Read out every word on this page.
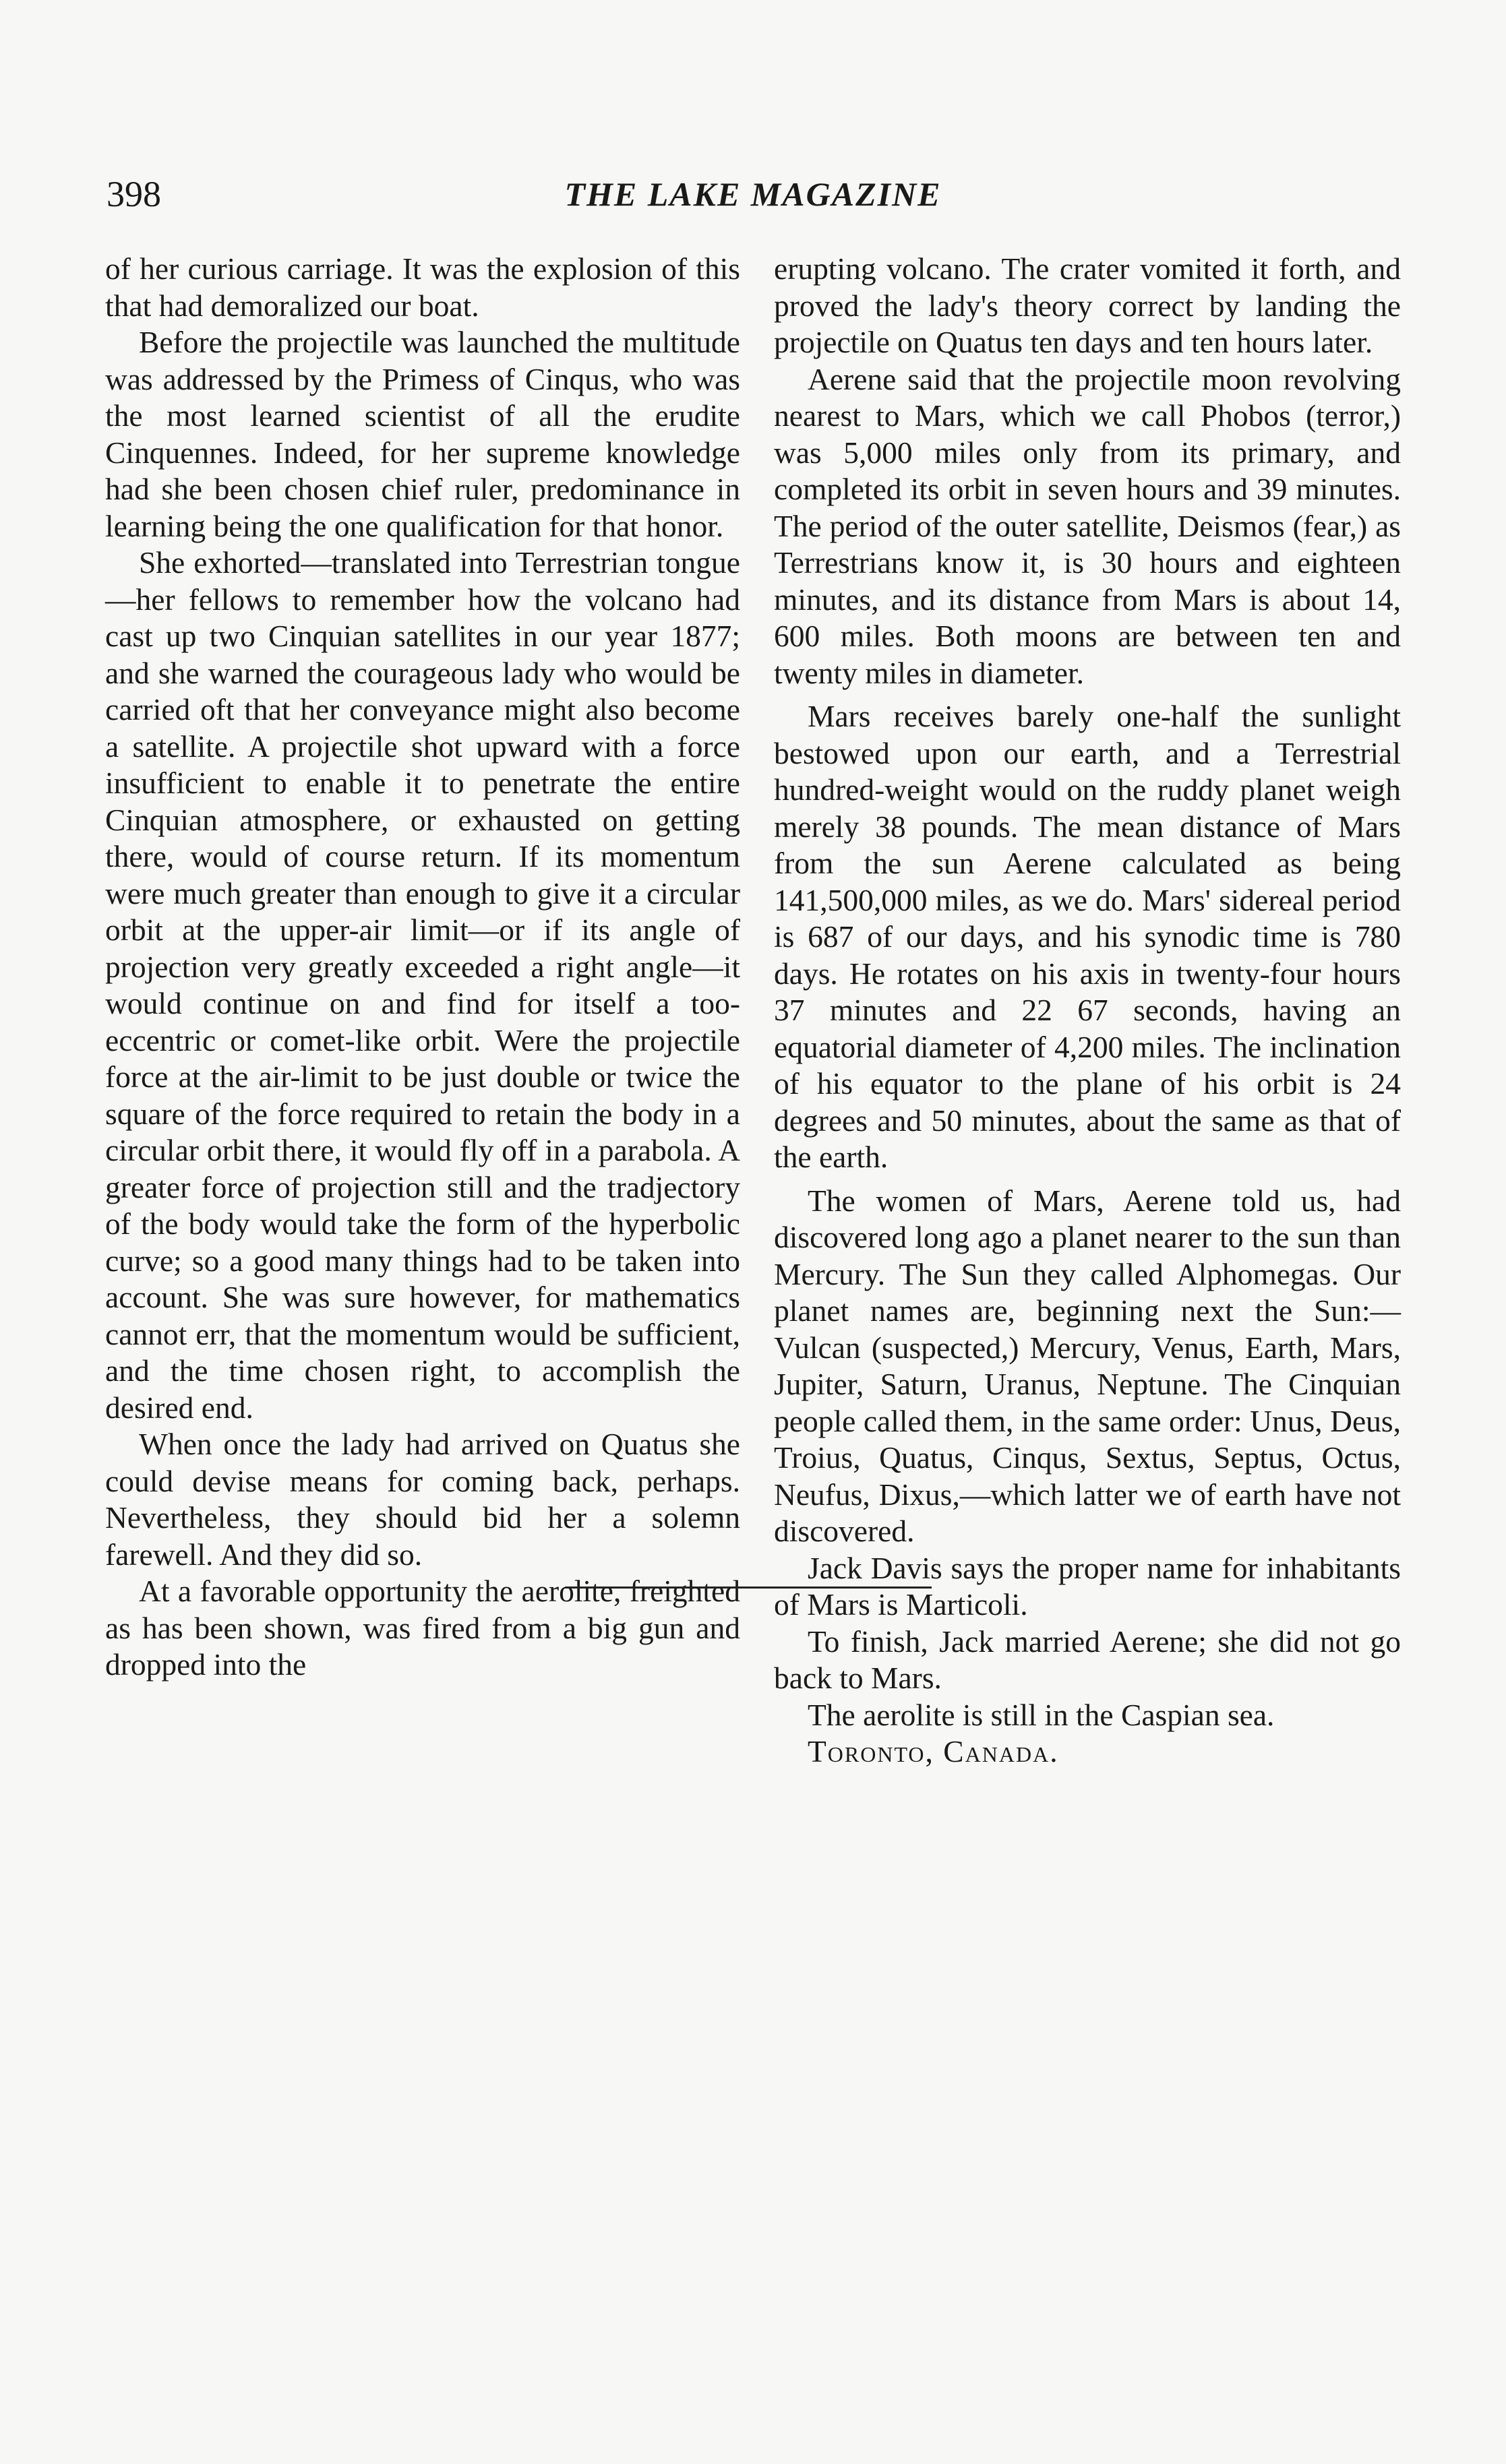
398	THE LAKE MAGAZINE

of her curious carriage. It was the explosion of this that had demoralized our boat.

Before the projectile was launched the multitude was addressed by the Primess of Cinqus, who was the most learned scientist of all the erudite Cinquennes. Indeed, for her supreme knowledge had she been chosen chief ruler, predominance in learning being the one qualification for that honor.

She exhorted—translated into Terrestrian tongue—her fellows to remember how the volcano had cast up two Cinquian satellites in our year 1877; and she warned the courageous lady who would be carried oft that her conveyance might also become a satellite. A projectile shot upward with a force insufficient to enable it to penetrate the entire Cinquian atmosphere, or exhausted on getting there, would of course return. If its momentum were much greater than enough to give it a circular orbit at the upper-air limit—or if its angle of projection very greatly exceeded a right angle—it would continue on and find for itself a too-eccentric or comet-like orbit. Were the projectile force at the air-limit to be just double or twice the square of the force required to retain the body in a circular orbit there, it would fly off in a parabola. A greater force of projection still and the tradjectory of the body would take the form of the hyperbolic curve; so a good many things had to be taken into account. She was sure however, for mathematics cannot err, that the momentum would be sufficient, and the time chosen right, to accomplish the desired end.

When once the lady had arrived on Quatus she could devise means for coming back, perhaps. Nevertheless, they should bid her a solemn farewell. And they did so.

At a favorable opportunity the aerolite, freighted as has been shown, was fired from a big gun and dropped into the

erupting volcano. The crater vomited it forth, and proved the lady's theory correct by landing the projectile on Quatus ten days and ten hours later.

Aerene said that the projectile moon revolving nearest to Mars, which we call Phobos (terror,) was 5,000 miles only from its primary, and completed its orbit in seven hours and 39 minutes. The period of the outer satellite, Deismos (fear,) as Terrestrians know it, is 30 hours and eighteen minutes, and its distance from Mars is about 14, 600 miles. Both moons are between ten and twenty miles in diameter.

Mars receives barely one-half the sunlight bestowed upon our earth, and a Terrestrial hundred-weight would on the ruddy planet weigh merely 38 pounds. The mean distance of Mars from the sun Aerene calculated as being 141,500,000 miles, as we do. Mars' sidereal period is 687 of our days, and his synodic time is 780 days. He rotates on his axis in twenty-four hours 37 minutes and 22 67 seconds, having an equatorial diameter of 4,200 miles. The inclination of his equator to the plane of his orbit is 24 degrees and 50 minutes, about the same as that of the earth.

The women of Mars, Aerene told us, had discovered long ago a planet nearer to the sun than Mercury. The Sun they called Alphomegas. Our planet names are, beginning next the Sun:—Vulcan (suspected,) Mercury, Venus, Earth, Mars, Jupiter, Saturn, Uranus, Neptune. The Cinquian people called them, in the same order: Unus, Deus, Troius, Quatus, Cinqus, Sextus, Septus, Octus, Neufus, Dixus,—which latter we of earth have not discovered.

Jack Davis says the proper name for inhabitants of Mars is Marticoli.

To finish, Jack married Aerene; she did not go back to Mars.

The aerolite is still in the Caspian sea.

Toronto, Canada.
